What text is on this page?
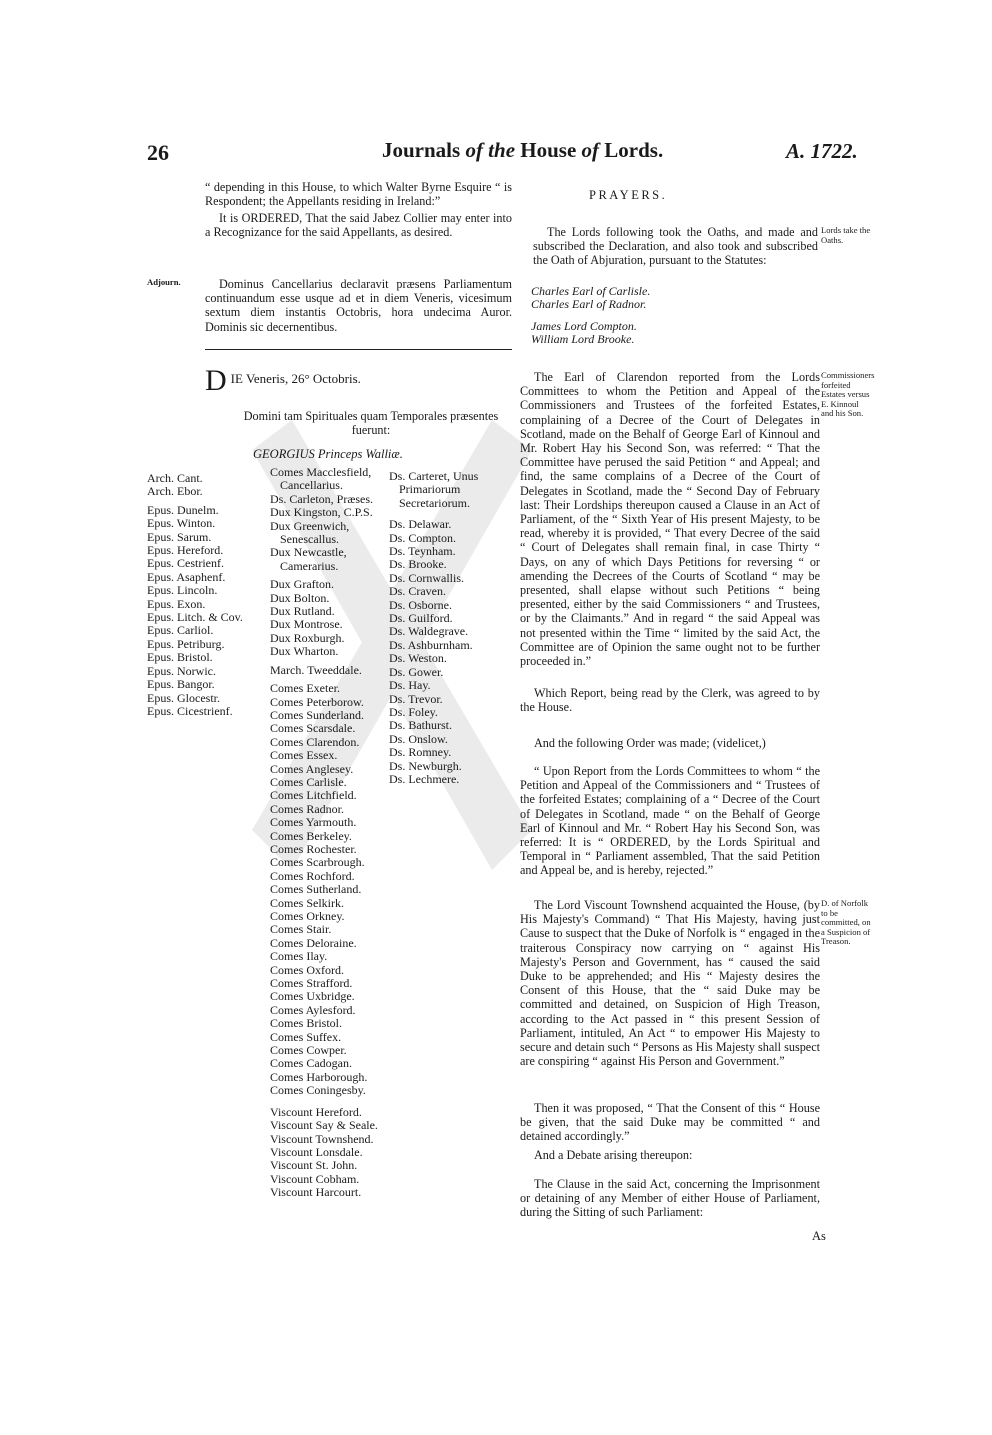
26	Journals of the House of Lords.	A. 1722.
“ depending in this House, to which Walter Byrne Esquire “ is Respondent; the Appellants residing in Ireland:”
It is ORDERED, That the said Jabez Collier may enter into a Recognizance for the said Appellants, as desired.
Adjourn.	Dominus Cancellarius declaravit præsens Parliamentum continuandum esse usque ad et in diem Veneris, vicesimum sextum diem instantis Octobris, hora undecima Auror. Dominis sic decernentibus.
D $_{IE Veneris, 26^\circ Octobris.}$
Domini tam Spirituales quam Temporales præsentes fuerunt:
GEORGIUS Princeps Walliæ.
Arch. Cant.
Arch. Ebor.
Epus. Dunelm.
Epus. Winton.
Epus. Sarum.
Epus. Hereford.
Epus. Cestrienf.
Epus. Asaphenf.
Epus. Lincoln.
Epus. Exon.
Epus. Litch. & Cov.
Epus. Carliol.
Epus. Petriburg.
Epus. Bristol.
Epus. Norwic.
Epus. Bangor.
Epus. Glocestr.
Epus. Cicestrienf.
Comes Macclesfield, Cancellarius.
Ds. Carleton, Præses.
Dux Kingston, C.P.S.
Dux Greenwich, Senescallus.
Dux Newcastle, Camerarius.
Dux Grafton.
Dux Bolton.
Dux Rutland.
Dux Montrose.
Dux Roxburgh.
Dux Wharton.
March. Tweeddale.
Comes Exeter.
Comes Peterborow.
Comes Sunderland.
Comes Scarsdale.
Comes Clarendon.
Comes Essex.
Comes Anglesey.
Comes Carlisle.
Comes Litchfield.
Comes Radnor.
Comes Yarmouth.
Comes Berkeley.
Comes Rochester.
Comes Scarbrough.
Comes Rochford.
Comes Sutherland.
Comes Selkirk.
Comes Orkney.
Comes Stair.
Comes Deloraine.
Comes Ilay.
Comes Oxford.
Comes Strafford.
Comes Uxbridge.
Comes Aylesford.
Comes Bristol.
Comes Suffex.
Comes Cowper.
Comes Cadogan.
Comes Harborough.
Comes Coningesby.
Viscount Hereford.
Viscount Say & Seale.
Viscount Townshend.
Viscount Lonsdale.
Viscount St. John.
Viscount Cobham.
Viscount Harcourt.
Ds. Carteret, Unus Primariorum Secretariorum.
Ds. Delawar.
Ds. Compton.
Ds. Teynham.
Ds. Brooke.
Ds. Cornwallis.
Ds. Craven.
Ds. Osborne.
Ds. Guilford.
Ds. Waldegrave.
Ds. Ashburnham.
Ds. Weston.
Ds. Gower.
Ds. Hay.
Ds. Trevor.
Ds. Foley.
Ds. Bathurst.
Ds. Onslow.
Ds. Romney.
Ds. Newburgh.
Ds. Lechmere.
PRAYERS.
The Lords following took the Oaths, and made and subscribed the Declaration, and also took and subscribed the Oath of Abjuration, pursuant to the Statutes:
Lords take the Oaths.
Charles Earl of Carlisle.
Charles Earl of Radnor.
James Lord Compton.
William Lord Brooke.
The Earl of Clarendon reported from the Lords Committees to whom the Petition and Appeal of the Commissioners and Trustees of the forfeited Estates, complaining of a Decree of the Court of Delegates in Scotland, made on the Behalf of George Earl of Kinnoul and Mr. Robert Hay his Second Son, was referred: “ That the Committee have perused the said Petition “ and Appeal; and find, the same complains of a Decree of the Court of Delegates in Scotland, made the “ Second Day of February last: Their Lordships thereupon caused a Clause in an Act of Parliament, of the “ Sixth Year of His present Majesty, to be read, whereby it is provided, “ That every Decree of the said “ Court of Delegates shall remain final, in case Thirty “ Days, on any of which Days Petitions for reversing “ or amending the Decrees of the Courts of Scotland “ may be presented, shall elapse without such Petitions “ being presented, either by the said Commissioners “ and Trustees, or by the Claimants.” And in regard “ the said Appeal was not presented within the Time “ limited by the said Act, the Committee are of Opinion the same ought not to be further proceeded in.”
Commissioners forfeited Estates versus E. Kinnoul and his Son.
Which Report, being read by the Clerk, was agreed to by the House.
And the following Order was made; (videlicet,)
“ Upon Report from the Lords Committees to whom “ the Petition and Appeal of the Commissioners and “ Trustees of the forfeited Estates; complaining of a “ Decree of the Court of Delegates in Scotland, made “ on the Behalf of George Earl of Kinnoul and Mr. “ Robert Hay his Second Son, was referred: It is “ ORDERED, by the Lords Spiritual and Temporal in “ Parliament assembled, That the said Petition and Appeal be, and is hereby, rejected.”
The Lord Viscount Townshend acquainted the House, (by His Majesty's Command) “ That His Majesty, having just Cause to suspect that the Duke of Norfolk is “ engaged in the traiterous Conspiracy now carrying on “ against His Majesty's Person and Government, has “ caused the said Duke to be apprehended; and His “ Majesty desires the Consent of this House, that the “ said Duke may be committed and detained, on Suspicion of High Treason, according to the Act passed in “ this present Session of Parliament, intituled, An Act “ to empower His Majesty to secure and detain such “ Persons as His Majesty shall suspect are conspiring “ against His Person and Government.”
D. of Norfolk to be committed, on a Suspicion of Treason.
Then it was proposed, “ That the Consent of this “ House be given, that the said Duke may be committed “ and detained accordingly.”
And a Debate arising thereupon:
The Clause in the said Act, concerning the Imprisonment or detaining of any Member of either House of Parliament, during the Sitting of such Parliament:
As
